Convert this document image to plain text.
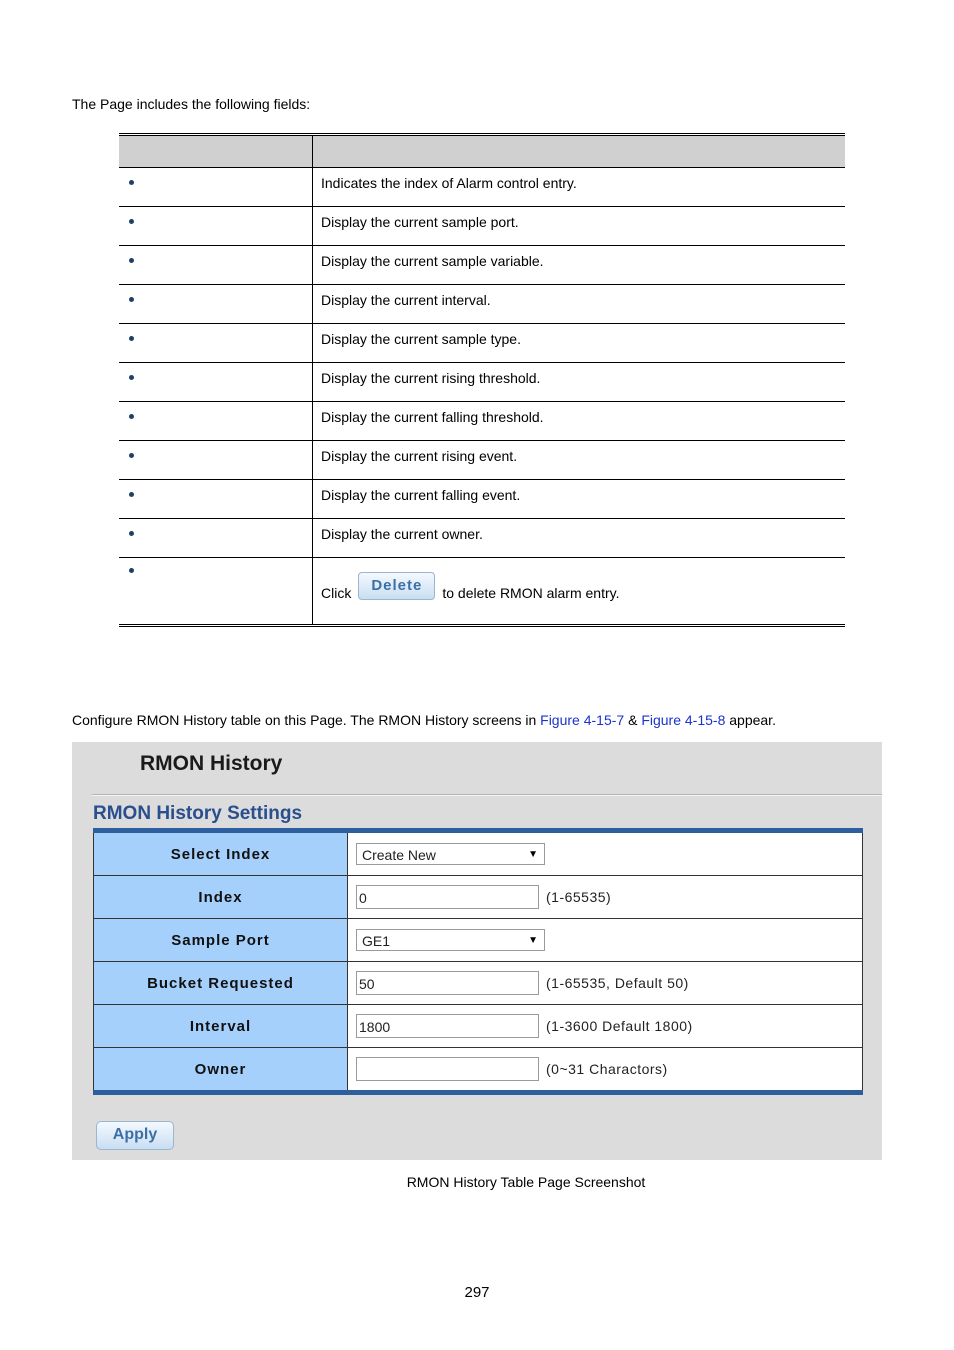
The Page includes the following fields:

	Indicates the index of Alarm control entry.

	Display the current sample port.

	Display the current sample variable.

	Display the current interval.

	Display the current sample type.

	Display the current rising threshold.

	Display the current falling threshold.

	Display the current rising event.

	Display the current falling event.

	Display the current owner.

	Click Delete to delete RMON alarm entry.
Configure RMON History table on this Page. The RMON History screens in Figure 4-15-7 & Figure 4-15-8 appear.
RMON History
RMON History Settings
Select Index	Create New ▼

Index	0 (1-65535)
Sample Port	GE1 ▼

Bucket Requested	50 (1-65535, Default 50)
Interval	1800 (1-3600 Default 1800)
Owner	(0~31 Charactors)
Apply
RMON History Table Page Screenshot
297
